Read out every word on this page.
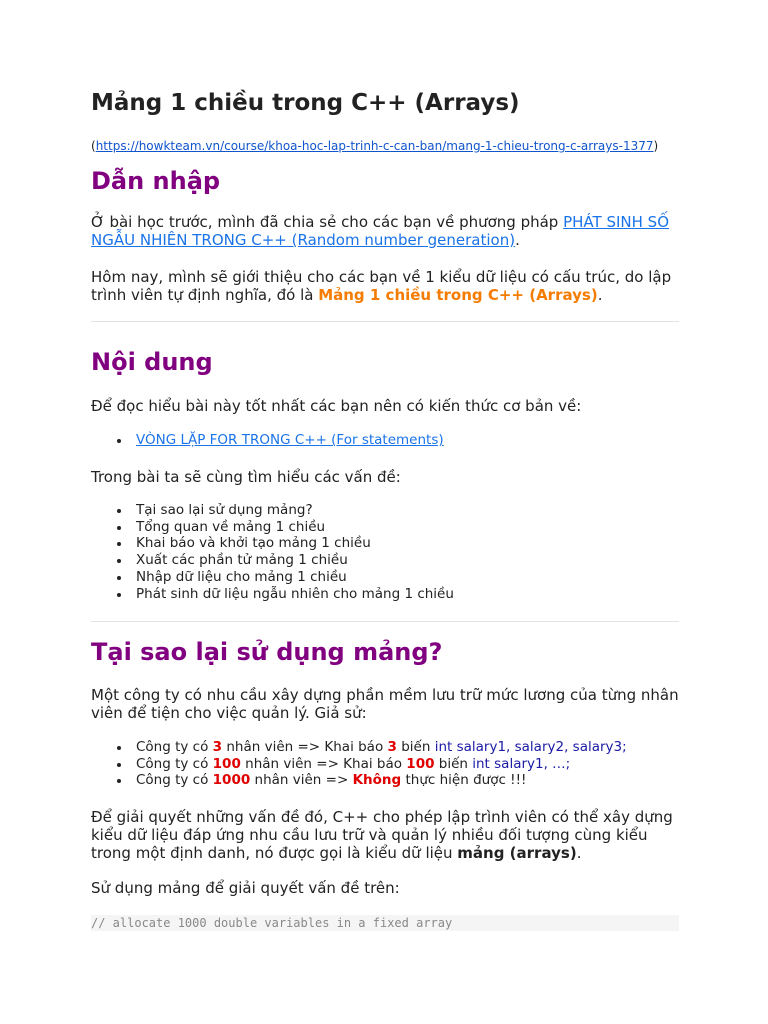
Mảng 1 chiều trong C++ (Arrays)
(https://howkteam.vn/course/khoa-hoc-lap-trinh-c-can-ban/mang-1-chieu-trong-c-arrays-1377)
Dẫn nhập

Ở bài học trước, mình đã chia sẻ cho các bạn về phương pháp PHÁT SINH SỐ NGẪU NHIÊN TRONG C++ (Random number generation).

Hôm nay, mình sẽ giới thiệu cho các bạn về 1 kiểu dữ liệu có cấu trúc, do lập trình viên tự định nghĩa, đó là Mảng 1 chiều trong C++ (Arrays).

Nội dung

Để đọc hiểu bài này tốt nhất các bạn nên có kiến thức cơ bản về:

VÒNG LẶP FOR TRONG C++ (For statements)

Trong bài ta sẽ cùng tìm hiểu các vấn đề:

Tại sao lại sử dụng mảng?
Tổng quan về mảng 1 chiều
Khai báo và khởi tạo mảng 1 chiều
Xuất các phần tử mảng 1 chiều
Nhập dữ liệu cho mảng 1 chiều
Phát sinh dữ liệu ngẫu nhiên cho mảng 1 chiều
Tại sao lại sử dụng mảng?

Một công ty có nhu cầu xây dựng phần mềm lưu trữ mức lương của từng nhân viên để tiện cho việc quản lý. Giả sử:

Công ty có 3 nhân viên => Khai báo 3 biến int salary1, salary2, salary3;
Công ty có 100 nhân viên => Khai báo 100 biến int salary1, …;
Công ty có 1000 nhân viên => Không thực hiện được !!!

Để giải quyết những vấn đề đó, C++ cho phép lập trình viên có thể xây dựng kiểu dữ liệu đáp ứng nhu cầu lưu trữ và quản lý nhiều đối tượng cùng kiểu trong một định danh, nó được gọi là kiểu dữ liệu mảng (arrays).

Sử dụng mảng để giải quyết vấn đề trên:

// allocate 1000 double variables in a fixed array
